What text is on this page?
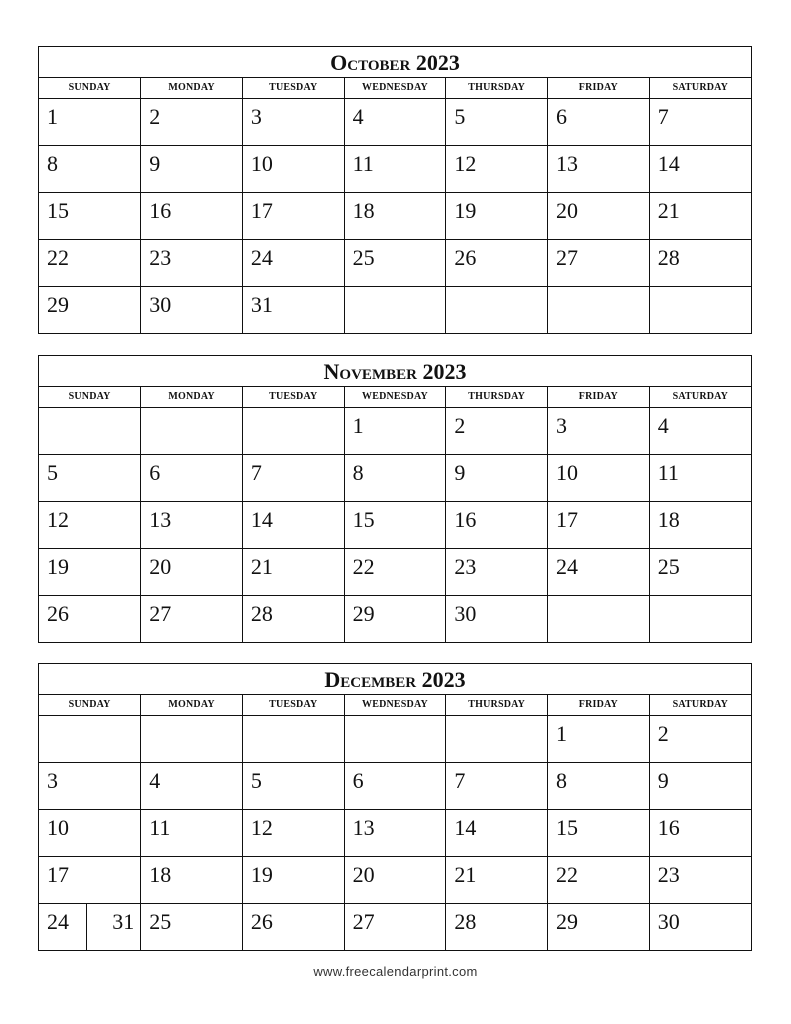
October 2023
SUNDAY	MONDAY	TUESDAY	WEDNESDAY	THURSDAY	FRIDAY	SATURDAY

1	2	3	4	5	6	7

8	9	10	11	12	13	14

15	16	17	18	19	20	21

22	23	24	25	26	27	28

29	30	31				

November 2023
SUNDAY	MONDAY	TUESDAY	WEDNESDAY	THURSDAY	FRIDAY	SATURDAY

			1	2	3	4

5	6	7	8	9	10	11

12	13	14	15	16	17	18

19	20	21	22	23	24	25

26	27	28	29	30		

December 2023
SUNDAY	MONDAY	TUESDAY	WEDNESDAY	THURSDAY	FRIDAY	SATURDAY

					1	2

3	4	5	6	7	8	9

10	11	12	13	14	15	16

17	18	19	20	21	22	23

24 31	25	26	27	28	29	30
www.freecalendarprint.com
